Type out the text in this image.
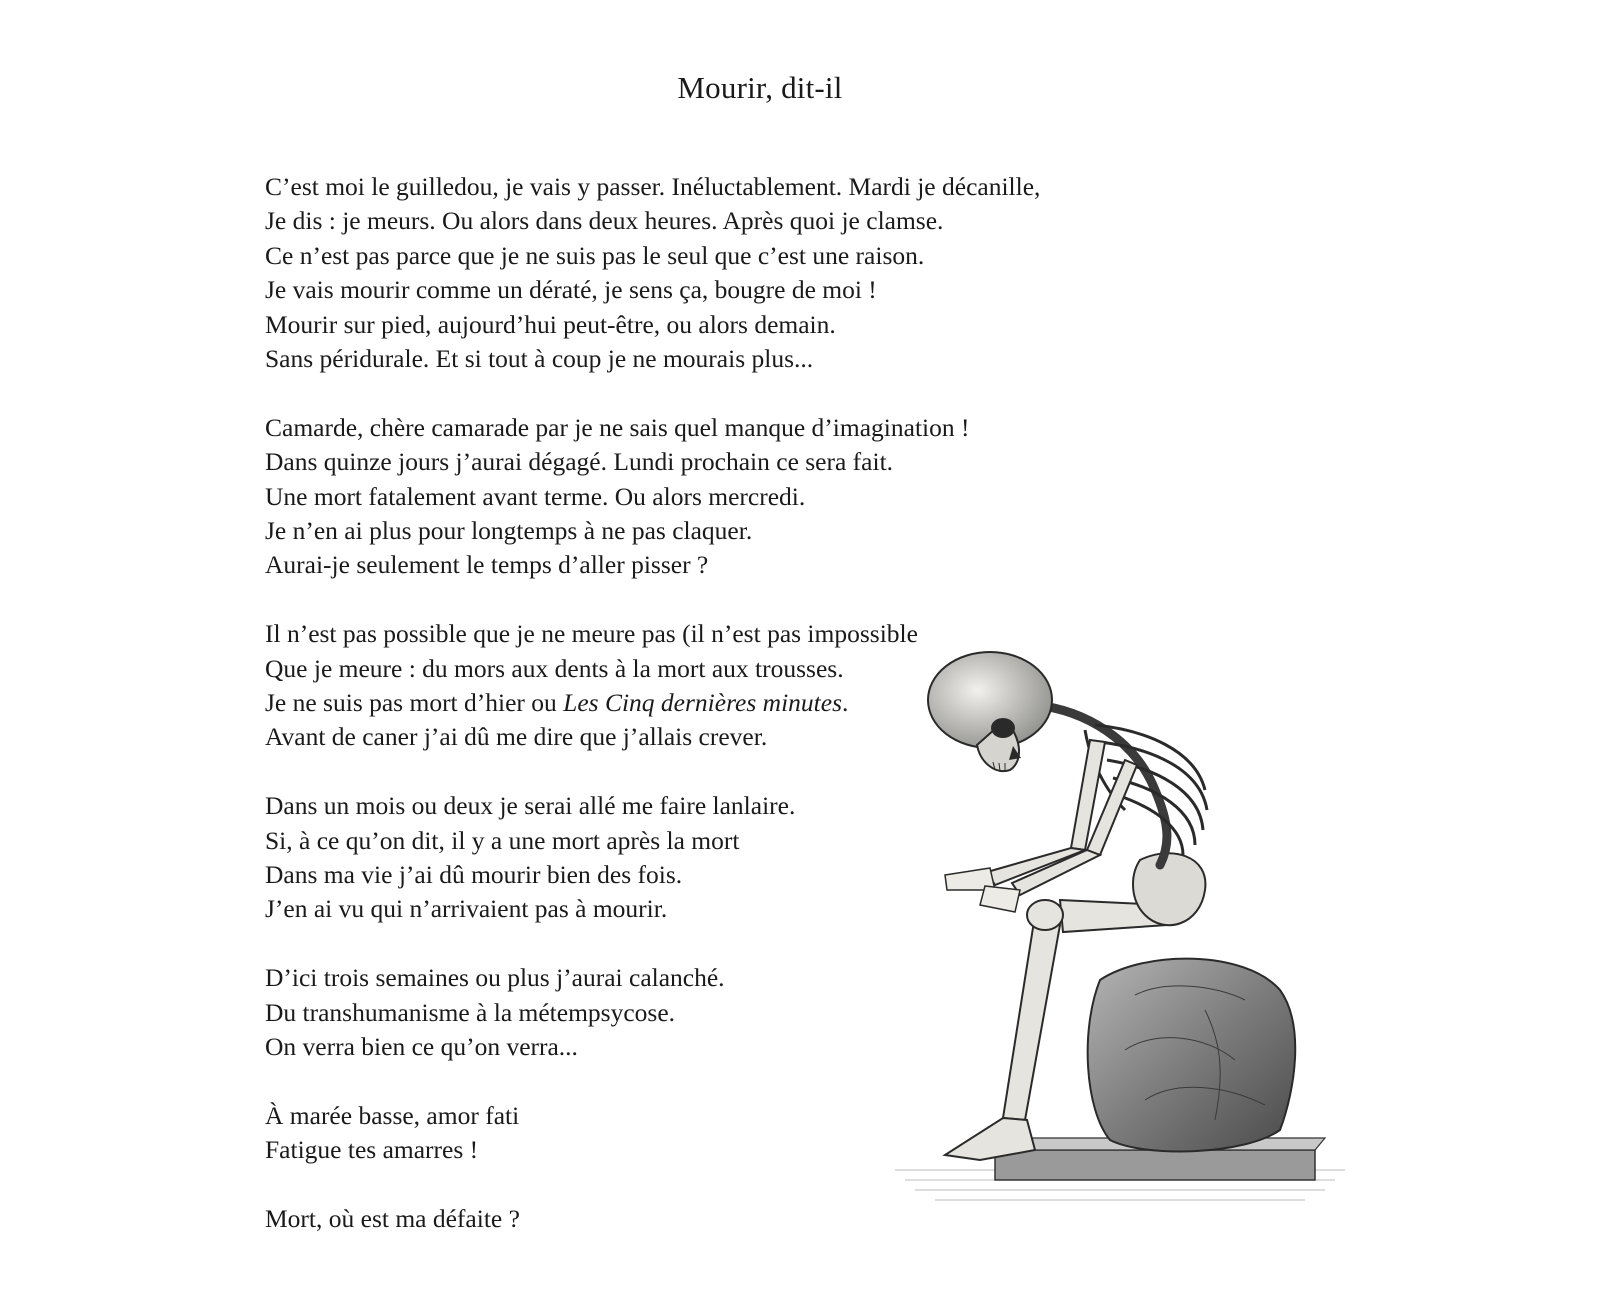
Mourir, dit-il
C’est moi le guilledou, je vais y passer. Inéluctablement. Mardi je décanille,
Je dis : je meurs. Ou alors dans deux heures. Après quoi je clamse.
Ce n’est pas parce que je ne suis pas le seul que c’est une raison.
Je vais mourir comme un dératé, je sens ça, bougre de moi !
Mourir sur pied, aujourd’hui peut-être, ou alors demain.
Sans péridurale. Et si tout à coup je ne mourais plus...
Camarde, chère camarade par je ne sais quel manque d’imagination !
Dans quinze jours j’aurai dégagé. Lundi prochain ce sera fait.
Une mort fatalement avant terme. Ou alors mercredi.
Je n’en ai plus pour longtemps à ne pas claquer.
Aurai-je seulement le temps d’aller pisser ?
Il n’est pas possible que je ne meure pas (il n’est pas impossible
Que je meure : du mors aux dents à la mort aux trousses.
Je ne suis pas mort d’hier ou Les Cinq dernières minutes.
Avant de caner j’ai dû me dire que j’allais crever.
Dans un mois ou deux je serai allé me faire lanlaire.
Si, à ce qu’on dit, il y a une mort après la mort
Dans ma vie j’ai dû mourir bien des fois.
J’en ai vu qui n’arrivaient pas à mourir.
D’ici trois semaines ou plus j’aurai calanché.
Du transhumanisme à la métempsycose.
On verra bien ce qu’on verra...
À marée basse, amor fati
Fatigue tes amarres !
Mort, où est ma défaite ?
